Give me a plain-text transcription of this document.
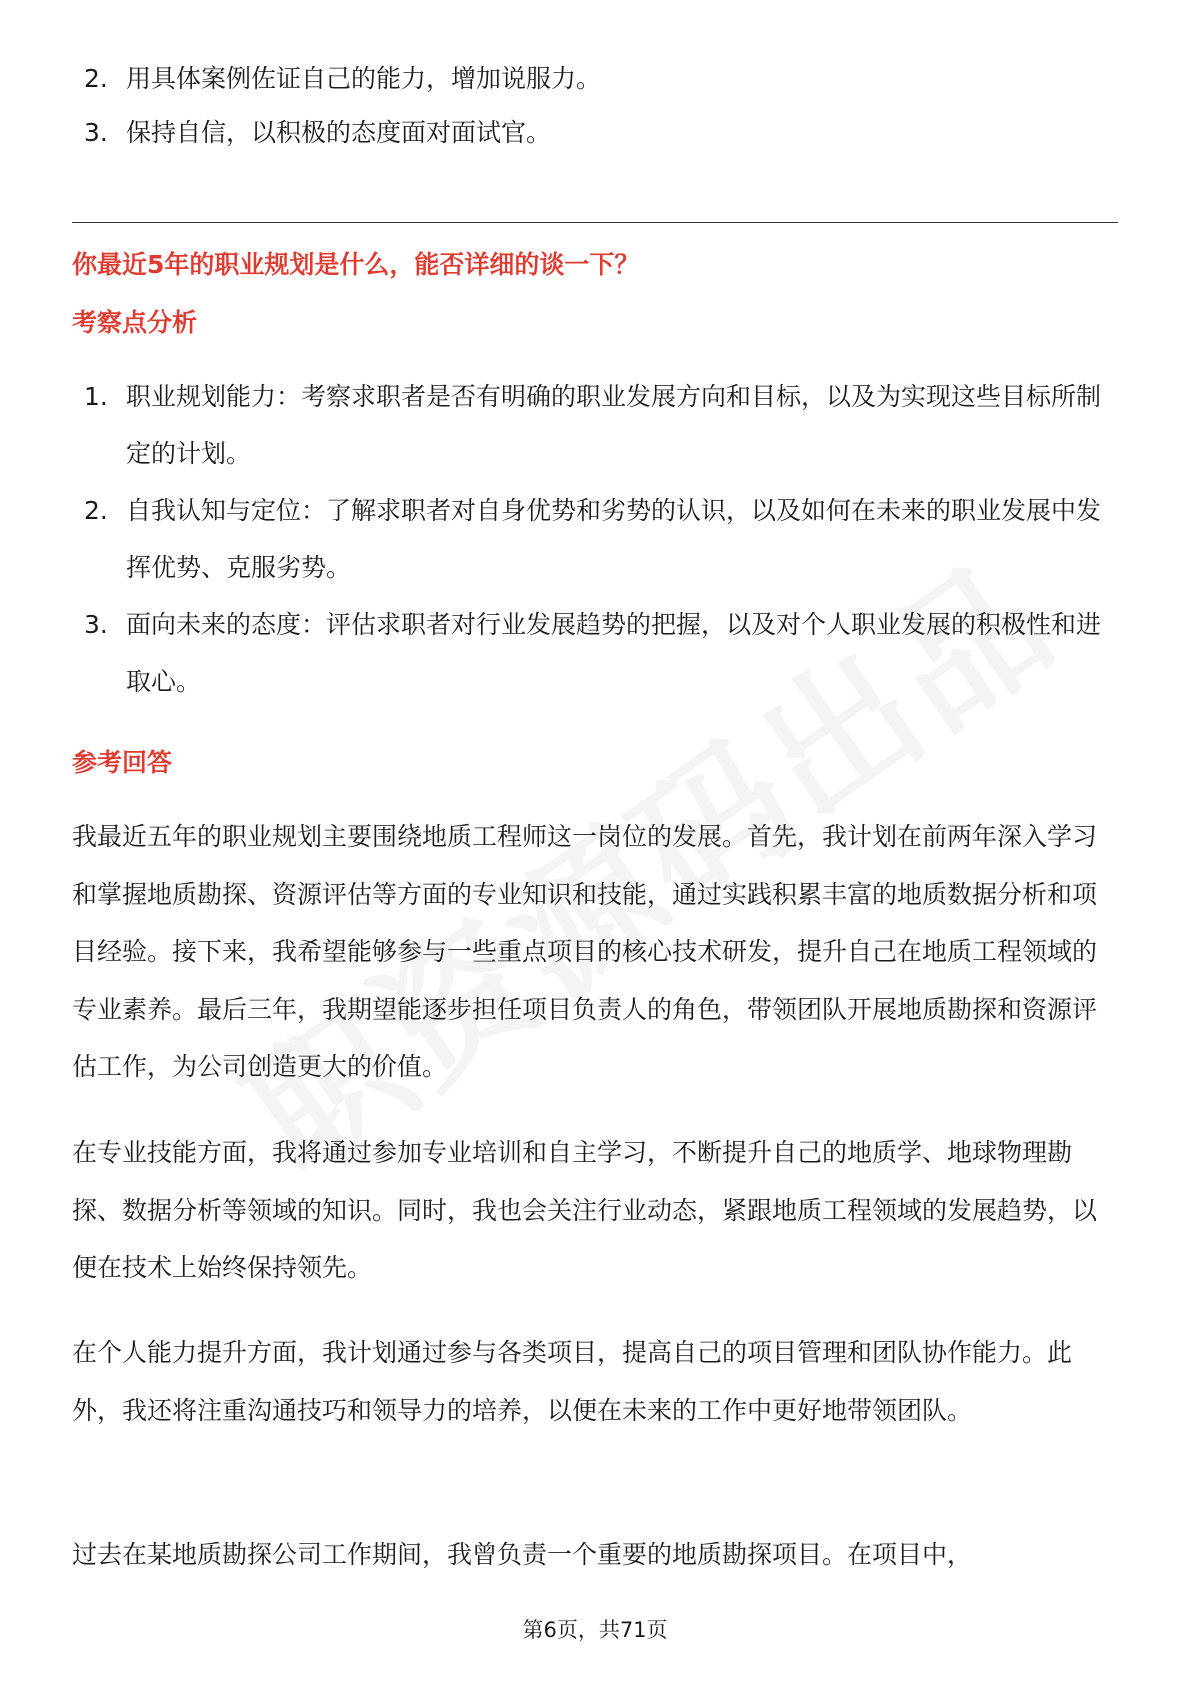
2. 用具体案例佐证自己的能力，增加说服力。
3. 保持自信，以积极的态度面对面试官。
你最近5年的职业规划是什么，能否详细的谈一下？
考察点分析
1. 职业规划能力：考察求职者是否有明确的职业发展方向和目标，以及为实现这些目标所制定的计划。
2. 自我认知与定位：了解求职者对自身优势和劣势的认识，以及如何在未来的职业发展中发挥优势、克服劣势。
3. 面向未来的态度：评估求职者对行业发展趋势的把握，以及对个人职业发展的积极性和进取心。
参考回答
我最近五年的职业规划主要围绕地质工程师这一岗位的发展。首先，我计划在前两年深入学习和掌握地质勘探、资源评估等方面的专业知识和技能，通过实践积累丰富的地质数据分析和项目经验。接下来，我希望能够参与一些重点项目的核心技术研发，提升自己在地质工程领域的专业素养。最后三年，我期望能逐步担任项目负责人的角色，带领团队开展地质勘探和资源评估工作，为公司创造更大的价值。
在专业技能方面，我将通过参加专业培训和自主学习，不断提升自己的地质学、地球物理勘探、数据分析等领域的知识。同时，我也会关注行业动态，紧跟地质工程领域的发展趋势，以便在技术上始终保持领先。
在个人能力提升方面，我计划通过参与各类项目，提高自己的项目管理和团队协作能力。此外，我还将注重沟通技巧和领导力的培养，以便在未来的工作中更好地带领团队。
过去在某地质勘探公司工作期间，我曾负责一个重要的地质勘探项目。在项目中，
第6页，共71页
